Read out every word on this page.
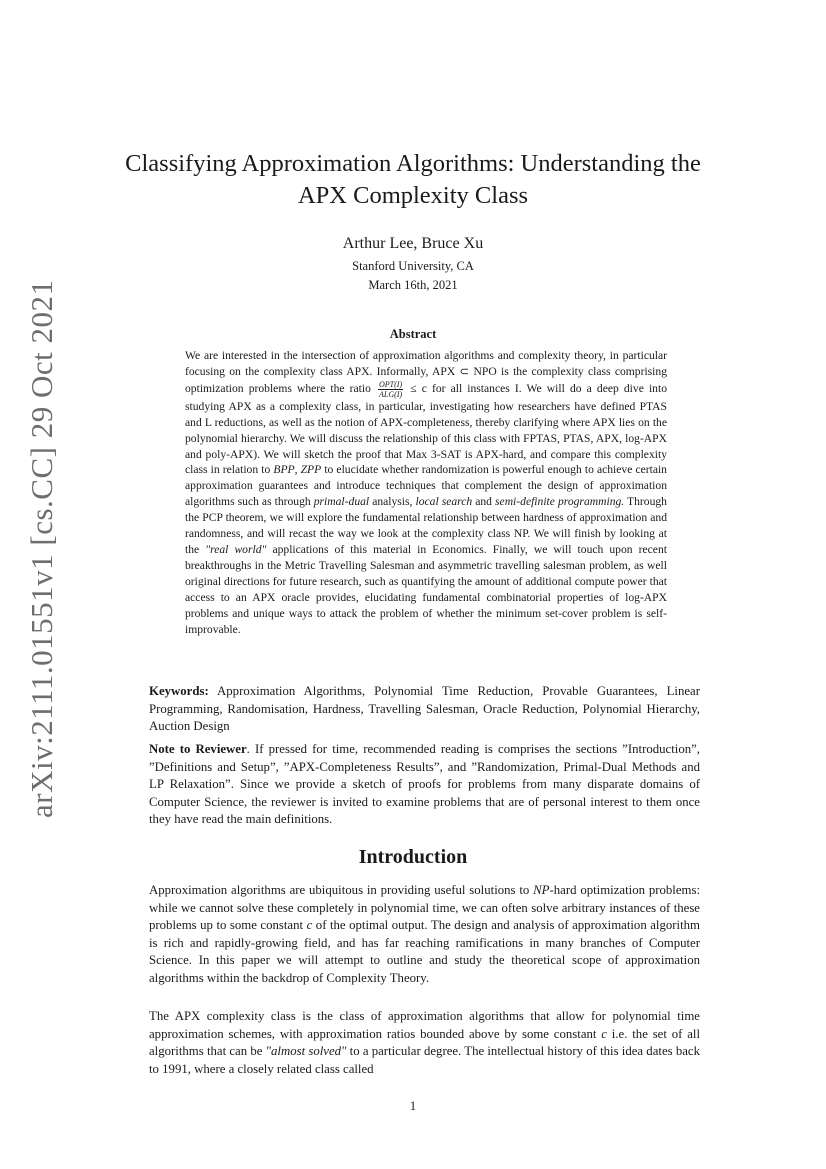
arXiv:2111.01551v1 [cs.CC] 29 Oct 2021
Classifying Approximation Algorithms: Understanding the APX Complexity Class
Arthur Lee, Bruce Xu
Stanford University, CA
March 16th, 2021
Abstract
We are interested in the intersection of approximation algorithms and complexity theory, in particular focusing on the complexity class APX. Informally, APX ⊂ NPO is the complexity class comprising optimization problems where the ratio $\frac{\text{OPT(I)}}{\text{ALG(I)}} \le c$ for all instances I. We will do a deep dive into studying APX as a complexity class, in particular, investigating how researchers have defined PTAS and L reductions, as well as the notion of APX-completeness, thereby clarifying where APX lies on the polynomial hierarchy. We will discuss the relationship of this class with FPTAS, PTAS, APX, log-APX and poly-APX). We will sketch the proof that Max 3-SAT is APX-hard, and compare this complexity class in relation to BPP, ZPP to elucidate whether randomization is powerful enough to achieve certain approximation guarantees and introduce techniques that complement the design of approximation algorithms such as through primal-dual analysis, local search and semi-definite programming. Through the PCP theorem, we will explore the fundamental relationship between hardness of approximation and randomness, and will recast the way we look at the complexity class NP. We will finish by looking at the "real world" applications of this material in Economics. Finally, we will touch upon recent breakthroughs in the Metric Travelling Salesman and asymmetric travelling salesman problem, as well original directions for future research, such as quantifying the amount of additional compute power that access to an APX oracle provides, elucidating fundamental combinatorial properties of log-APX problems and unique ways to attack the problem of whether the minimum set-cover problem is self-improvable.
Keywords: Approximation Algorithms, Polynomial Time Reduction, Provable Guarantees, Linear Programming, Randomisation, Hardness, Travelling Salesman, Oracle Reduction, Polynomial Hierarchy, Auction Design
Note to Reviewer. If pressed for time, recommended reading is comprises the sections ”Introduction”, ”Definitions and Setup”, ”APX-Completeness Results”, and ”Randomization, Primal-Dual Methods and LP Relaxation”. Since we provide a sketch of proofs for problems from many disparate domains of Computer Science, the reviewer is invited to examine problems that are of personal interest to them once they have read the main definitions.
Introduction
Approximation algorithms are ubiquitous in providing useful solutions to NP-hard optimization problems: while we cannot solve these completely in polynomial time, we can often solve arbitrary instances of these problems up to some constant c of the optimal output. The design and analysis of approximation algorithm is rich and rapidly-growing field, and has far reaching ramifications in many branches of Computer Science. In this paper we will attempt to outline and study the theoretical scope of approximation algorithms within the backdrop of Complexity Theory.
The APX complexity class is the class of approximation algorithms that allow for polynomial time approximation schemes, with approximation ratios bounded above by some constant c i.e. the set of all algorithms that can be "almost solved" to a particular degree. The intellectual history of this idea dates back to 1991, where a closely related class called
1
